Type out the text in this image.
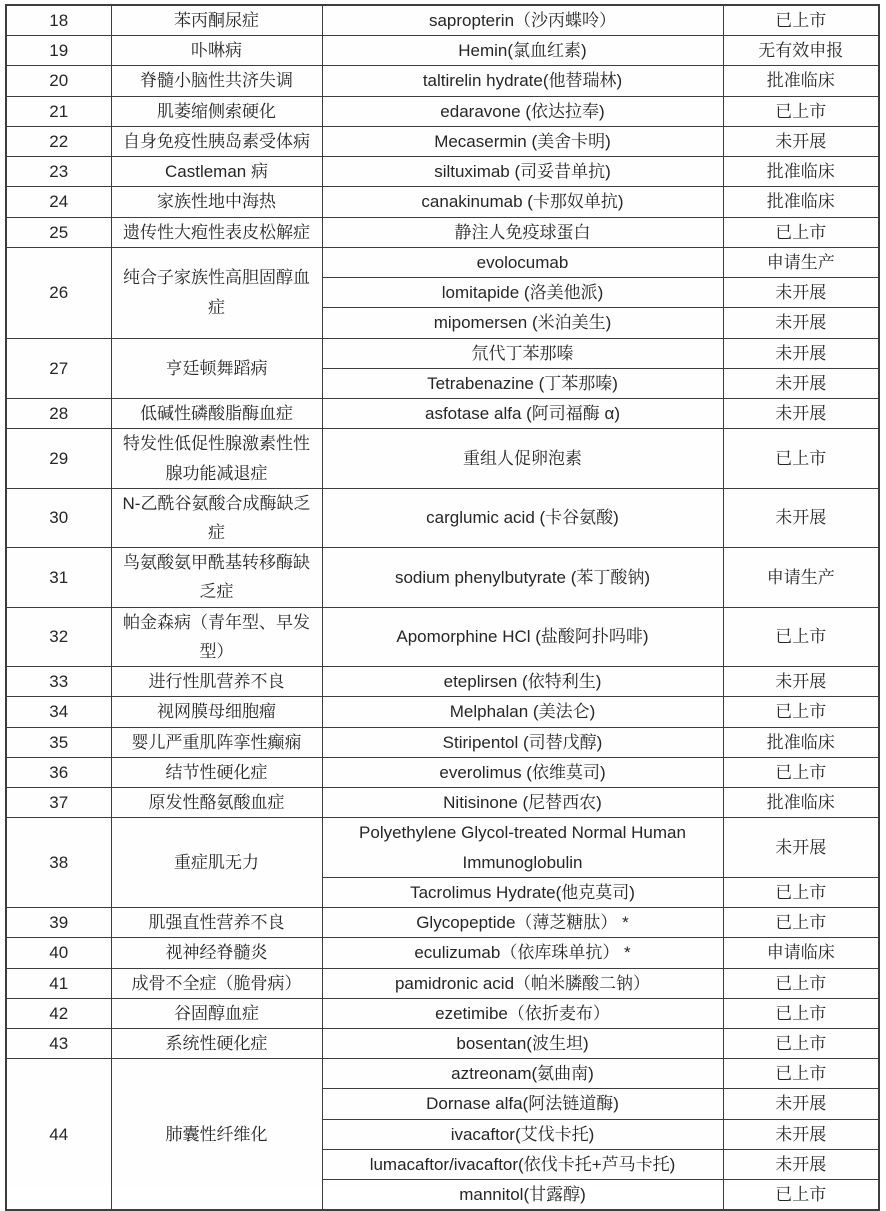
18	苯丙酮尿症	sapropterin（沙丙蝶呤）	已上市
19	卟啉病	Hemin(氯血红素)	无有效申报
20	脊髓小脑性共济失调	taltirelin hydrate(他替瑞林)	批准临床
21	肌萎缩侧索硬化	edaravone (依达拉奉)	已上市
22	自身免疫性胰岛素受体病	Mecasermin (美舍卡明)	未开展
23	Castleman 病	siltuximab (司妥昔单抗)	批准临床
24	家族性地中海热	canakinumab (卡那奴单抗)	批准临床
25	遗传性大疱性表皮松解症	静注人免疫球蛋白	已上市
26	纯合子家族性高胆固醇血症	evolocumab	申请生产
		lomitapide (洛美他派)	未开展
		mipomersen (米泊美生)	未开展
27	亨廷顿舞蹈病	氘代丁苯那嗪	未开展
		Tetrabenazine (丁苯那嗪)	未开展
28	低碱性磷酸脂酶血症	asfotase alfa (阿司福酶 α)	未开展
29	特发性低促性腺激素性性腺功能减退症	重组人促卵泡素	已上市
30	N-乙酰谷氨酸合成酶缺乏症	carglumic acid (卡谷氨酸)	未开展
31	鸟氨酸氨甲酰基转移酶缺乏症	sodium phenylbutyrate (苯丁酸钠)	申请生产
32	帕金森病（青年型、早发型）	Apomorphine HCl (盐酸阿扑吗啡)	已上市
33	进行性肌营养不良	eteplirsen (依特利生)	未开展
34	视网膜母细胞瘤	Melphalan (美法仑)	已上市
35	婴儿严重肌阵挛性癫痫	Stiripentol (司替戊醇)	批准临床
36	结节性硬化症	everolimus (依维莫司)	已上市
37	原发性酪氨酸血症	Nitisinone (尼替西农)	批准临床
38	重症肌无力	Polyethylene Glycol-treated Normal Human Immunoglobulin	未开展
		Tacrolimus Hydrate(他克莫司)	已上市
39	肌强直性营养不良	Glycopeptide（薄芝糖肽） *	已上市
40	视神经脊髓炎	eculizumab（依库珠单抗） *	申请临床
41	成骨不全症（脆骨病）	pamidronic acid（帕米膦酸二钠）	已上市
42	谷固醇血症	ezetimibe（依折麦布）	已上市
43	系统性硬化症	bosentan(波生坦)	已上市
44	肺囊性纤维化	aztreonam(氨曲南)	已上市
		Dornase alfa(阿法链道酶)	未开展
		ivacaftor(艾伐卡托)	未开展
		lumacaftor/ivacaftor(依伐卡托+芦马卡托)	未开展
		mannitol(甘露醇)	已上市
